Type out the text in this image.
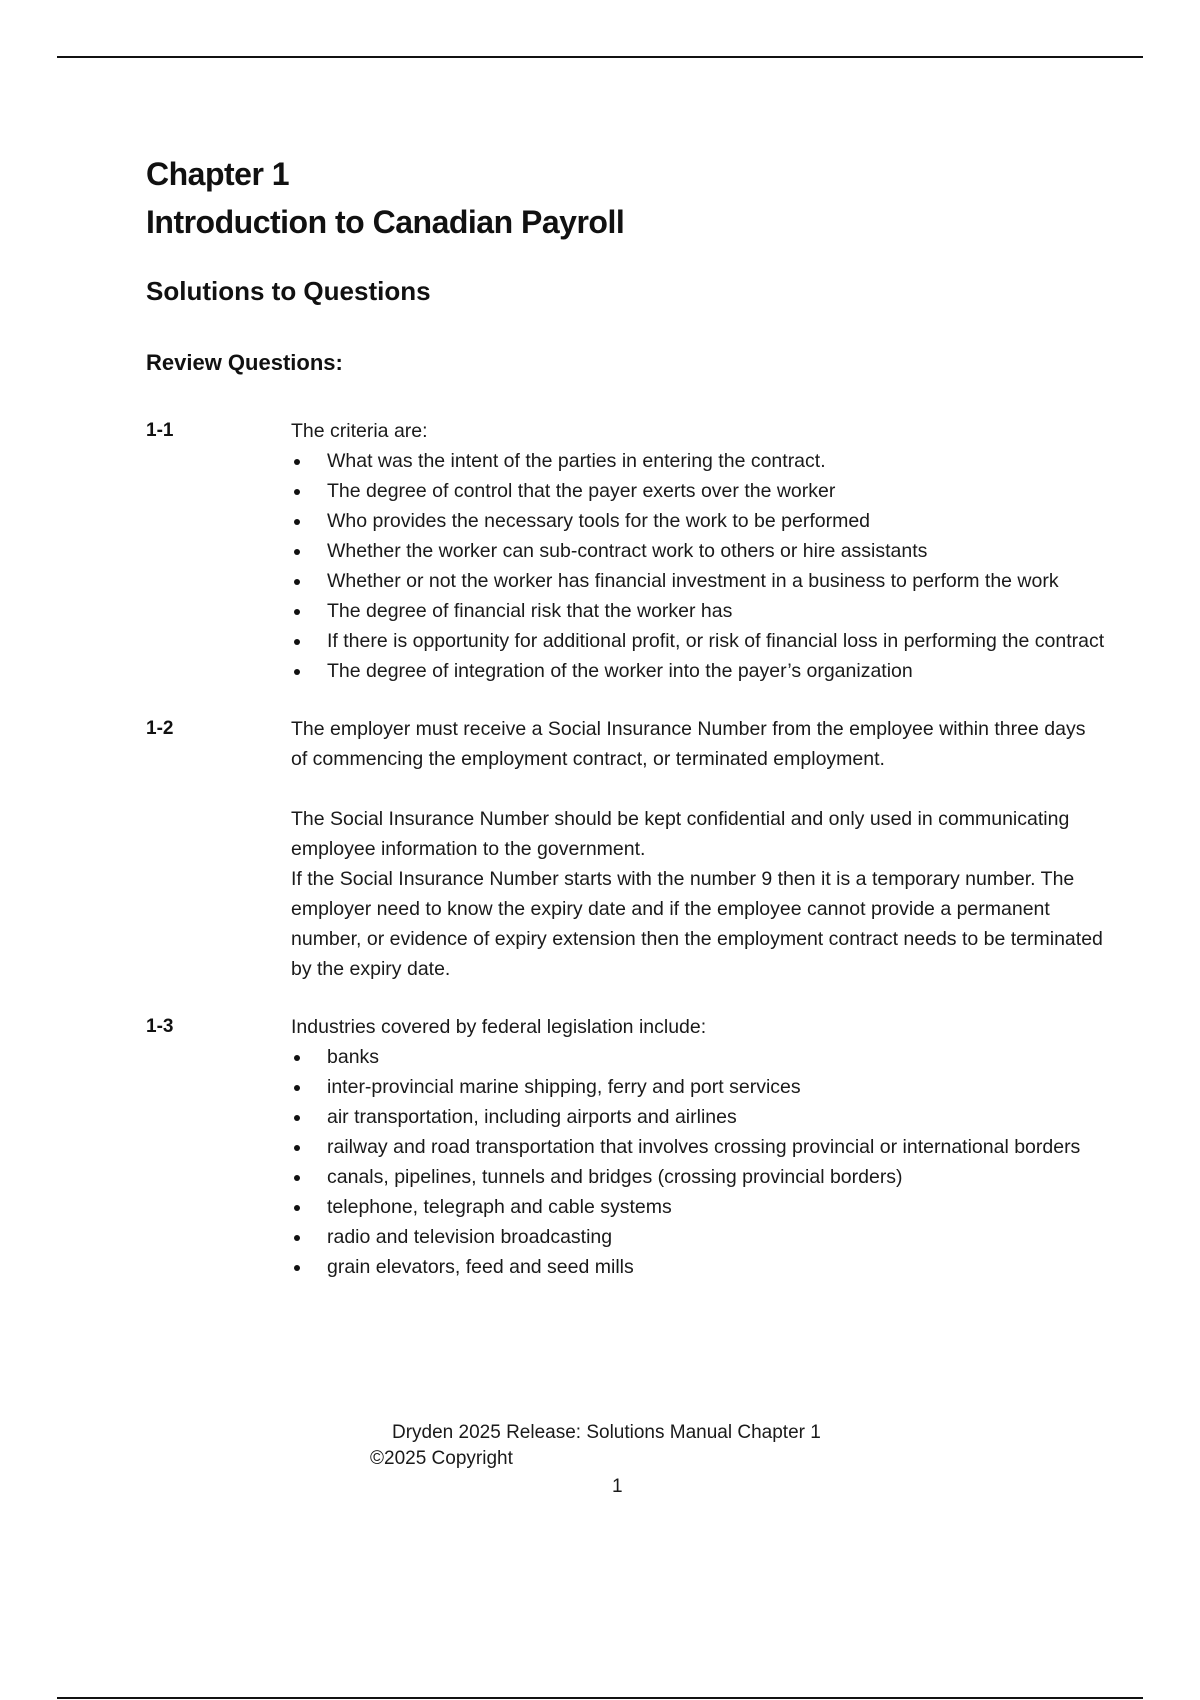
Chapter 1
Introduction to Canadian Payroll
Solutions to Questions
Review Questions:
1-1	The criteria are:

What was the intent of the parties in entering the contract.
The degree of control that the payer exerts over the worker
Who provides the necessary tools for the work to be performed
Whether the worker can sub-contract work to others or hire assistants
Whether or not the worker has financial investment in a business to perform the work
The degree of financial risk that the worker has
If there is opportunity for additional profit, or risk of financial loss in performing the contract
The degree of integration of the worker into the payer’s organization
1-2	The employer must receive a Social Insurance Number from the employee within three days of commencing the employment contract, or terminated employment.

The Social Insurance Number should be kept confidential and only used in communicating employee information to the government.

If the Social Insurance Number starts with the number 9 then it is a temporary number. The employer need to know the expiry date and if the employee cannot provide a permanent number, or evidence of expiry extension then the employment contract needs to be terminated by the expiry date.

1-3	Industries covered by federal legislation include:

banks
inter-provincial marine shipping, ferry and port services
air transportation, including airports and airlines
railway and road transportation that involves crossing provincial or international borders
canals, pipelines, tunnels and bridges (crossing provincial borders)
telephone, telegraph and cable systems
radio and television broadcasting
grain elevators, feed and seed mills
Dryden 2025 Release: Solutions Manual Chapter 1
©2025 Copyright
1
